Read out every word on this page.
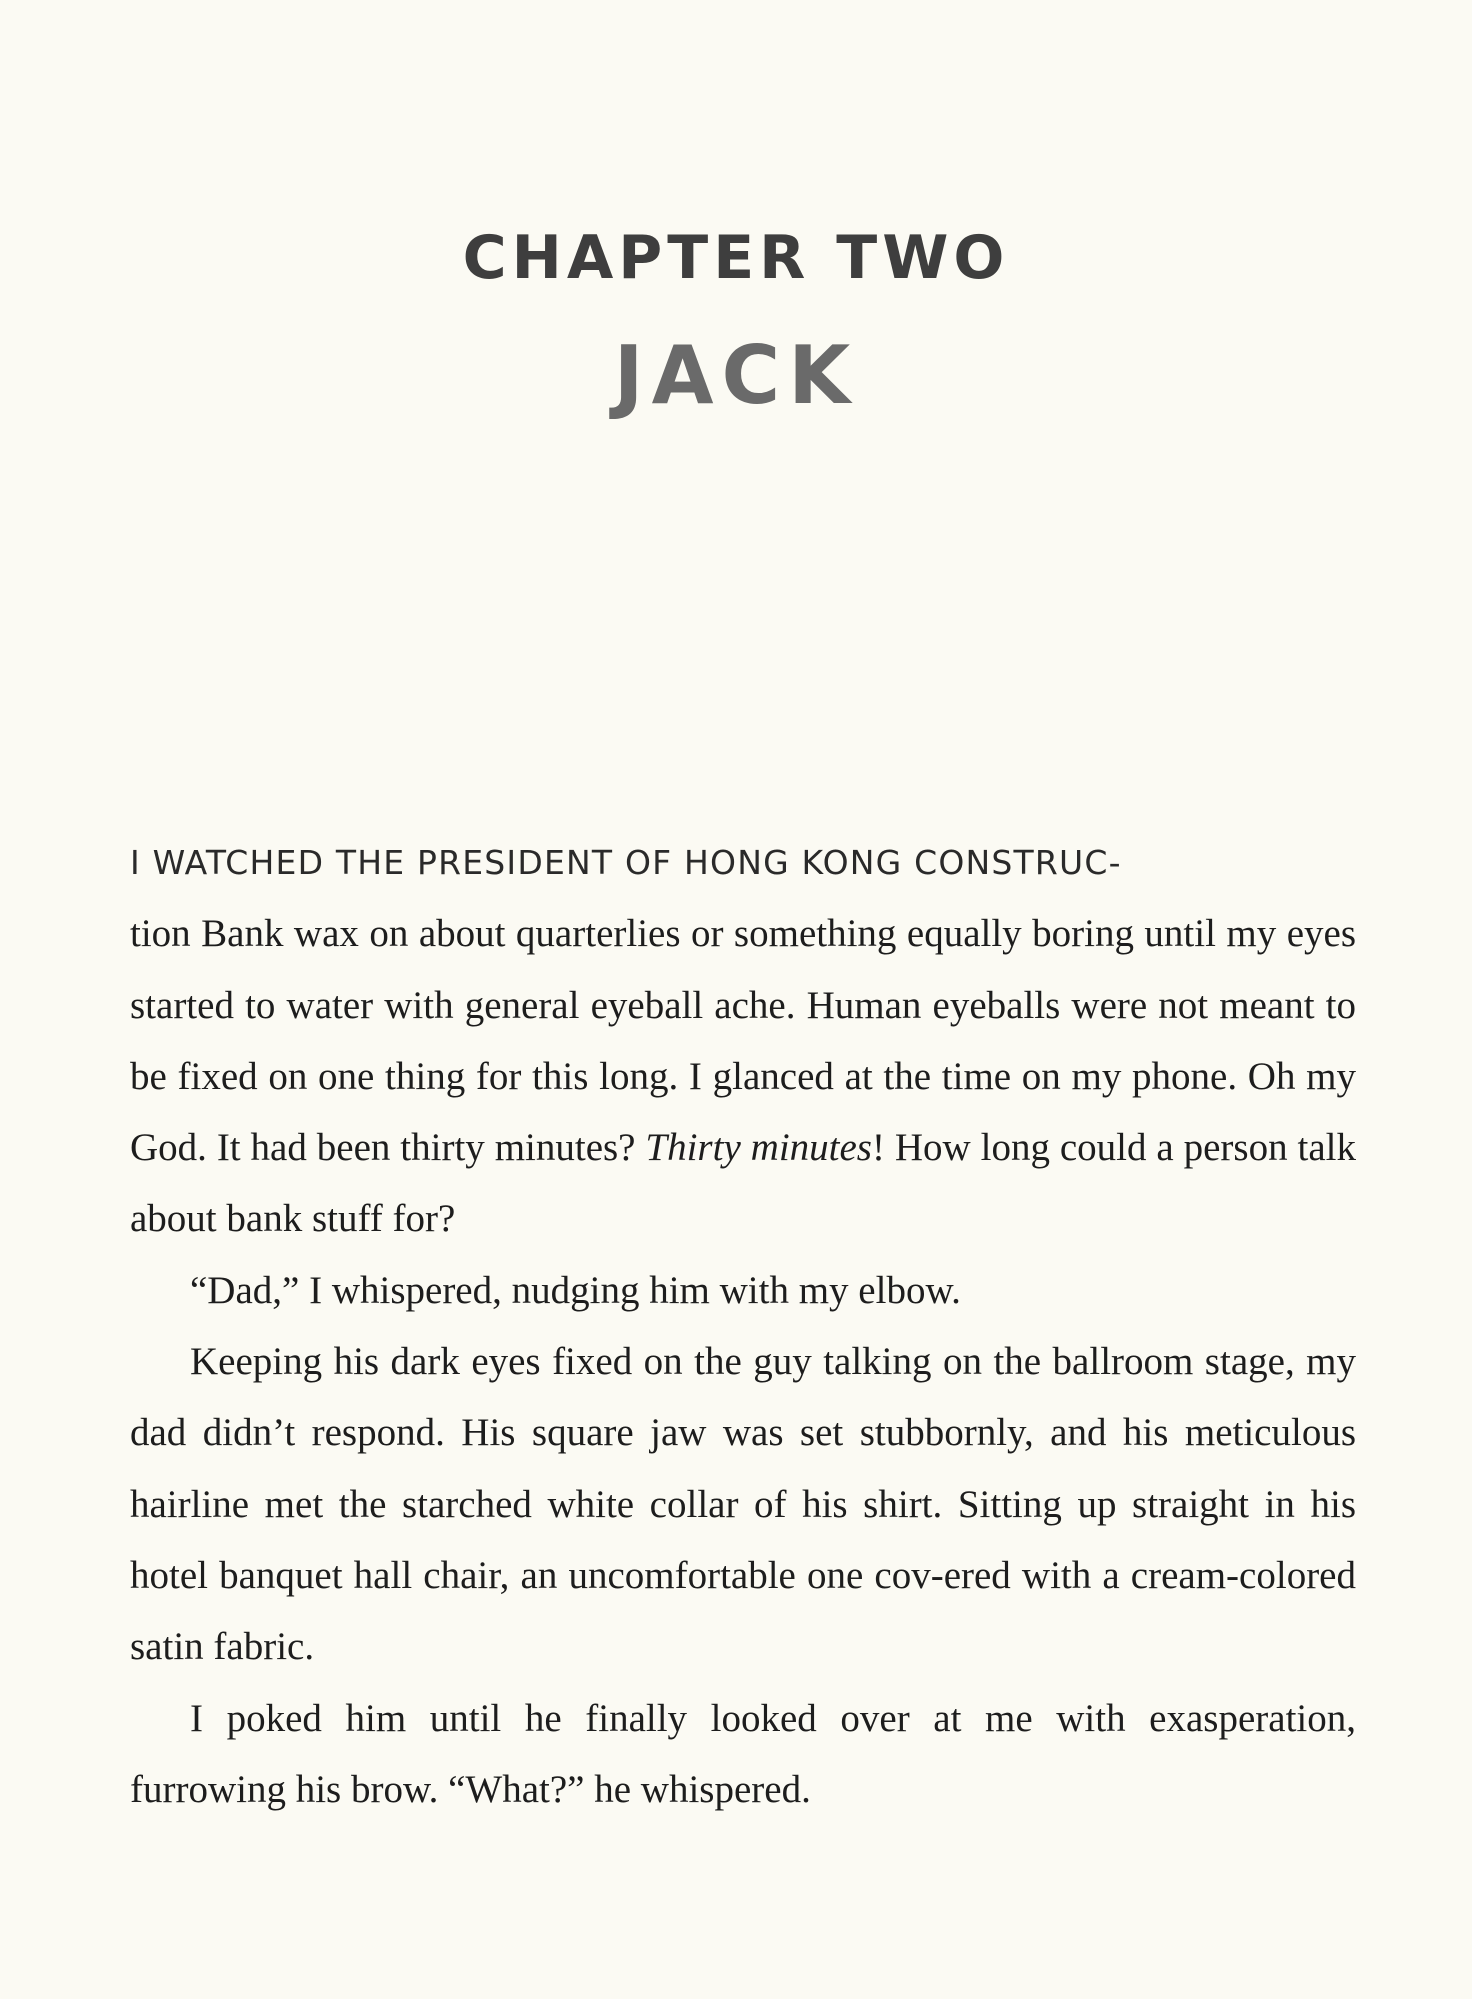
CHAPTER TWO
JACK

I WATCHED THE PRESIDENT OF HONG KONG CONSTRUC-
tion Bank wax on about quarterlies or something equally boring until my eyes started to water with general eyeball ache. Human eyeballs were not meant to be fixed on one thing for this long. I glanced at the time on my phone. Oh my God. It had been thirty minutes? Thirty minutes! How long could a person talk about bank stuff for?

“Dad,” I whispered, nudging him with my elbow.

Keeping his dark eyes fixed on the guy talking on the ballroom stage, my dad didn’t respond. His square jaw was set stubbornly, and his meticulous hairline met the starched white collar of his shirt. Sitting up straight in his hotel banquet hall chair, an uncomfortable one cov-ered with a cream-colored satin fabric.

I poked him until he finally looked over at me with exasperation, furrowing his brow. “What?” he whispered.
